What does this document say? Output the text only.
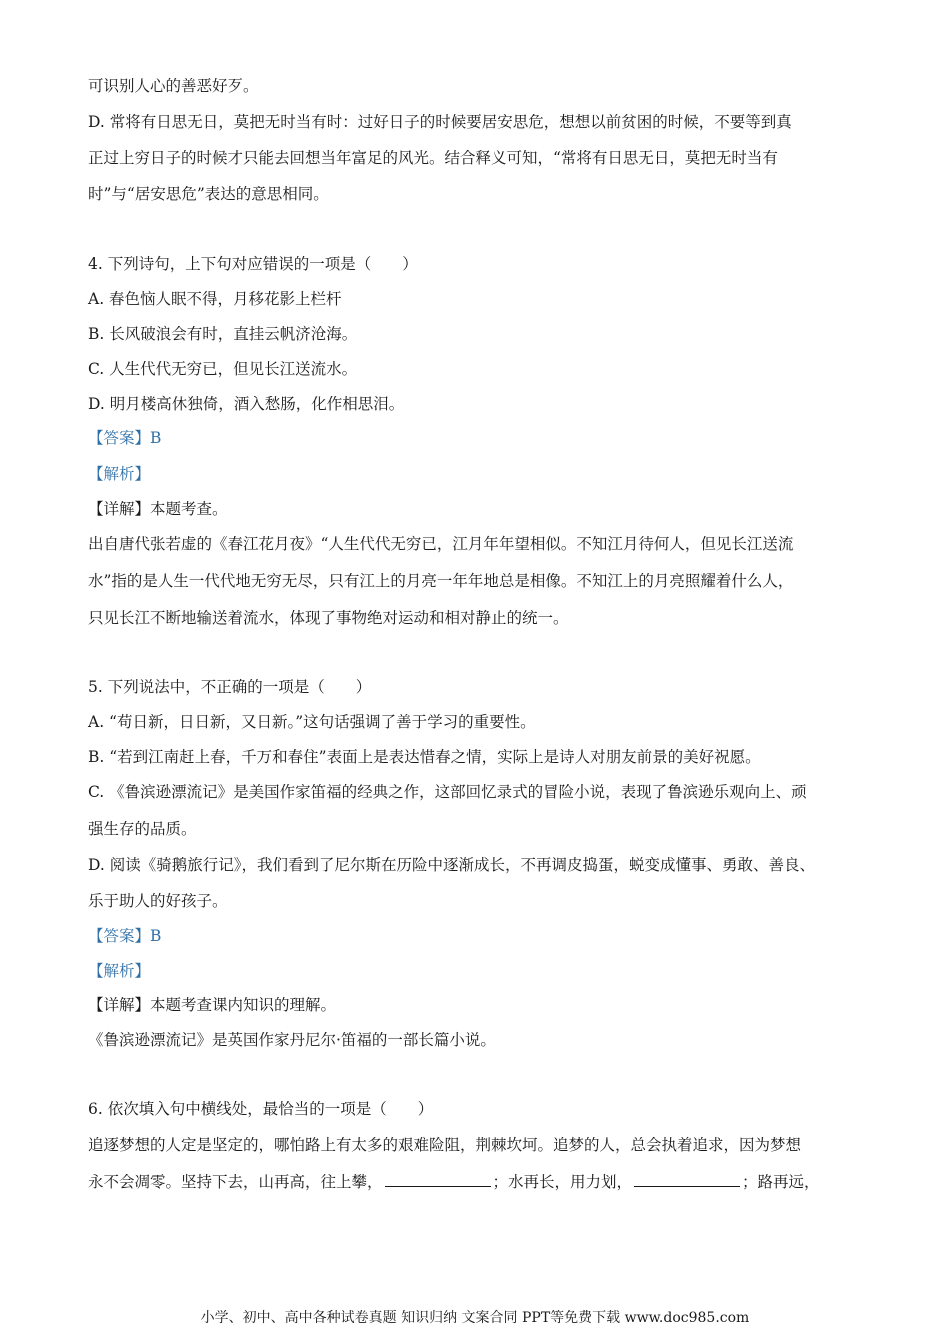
可识别人心的善恶好歹。
D. 常将有日思无日，莫把无时当有时：过好日子的时候要居安思危，想想以前贫困的时候，不要等到真
正过上穷日子的时候才只能去回想当年富足的风光。结合释义可知，“常将有日思无日，莫把无时当有
时”与“居安思危”表达的意思相同。
4. 下列诗句，上下句对应错误的一项是（　　）
A. 春色恼人眠不得，月移花影上栏杆
B. 长风破浪会有时，直挂云帆济沧海。
C. 人生代代无穷已，但见长江送流水。
D. 明月楼高休独倚，酒入愁肠，化作相思泪。
【答案】B
【解析】
【详解】本题考查。
出自唐代张若虚的《春江花月夜》“人生代代无穷已，江月年年望相似。不知江月待何人，但见长江送流
水”指的是人生一代代地无穷无尽，只有江上的月亮一年年地总是相像。不知江上的月亮照耀着什么人，
只见长江不断地输送着流水，体现了事物绝对运动和相对静止的统一。
5. 下列说法中，不正确的一项是（　　）
A. “苟日新，日日新，又日新。”这句话强调了善于学习的重要性。
B. “若到江南赶上春，千万和春住”表面上是表达惜春之情，实际上是诗人对朋友前景的美好祝愿。
C. 《鲁滨逊漂流记》是美国作家笛福的经典之作，这部回忆录式的冒险小说，表现了鲁滨逊乐观向上、顽
强生存的品质。
D. 阅读《骑鹅旅行记》，我们看到了尼尔斯在历险中逐渐成长，不再调皮捣蛋，蜕变成懂事、勇敢、善良、
乐于助人的好孩子。
【答案】B
【解析】
【详解】本题考查课内知识的理解。
《鲁滨逊漂流记》是英国作家丹尼尔·笛福的一部长篇小说。
6. 依次填入句中横线处，最恰当的一项是（　　）
追逐梦想的人定是坚定的，哪怕路上有太多的艰难险阻，荆棘坎坷。追梦的人，总会执着追求，因为梦想
永不会凋零。坚持下去，山再高，往上攀，	；水再长，用力划，	；路再远，
小学、初中、高中各种试卷真题 知识归纳 文案合同 PPT等免费下载 www.doc985.com
